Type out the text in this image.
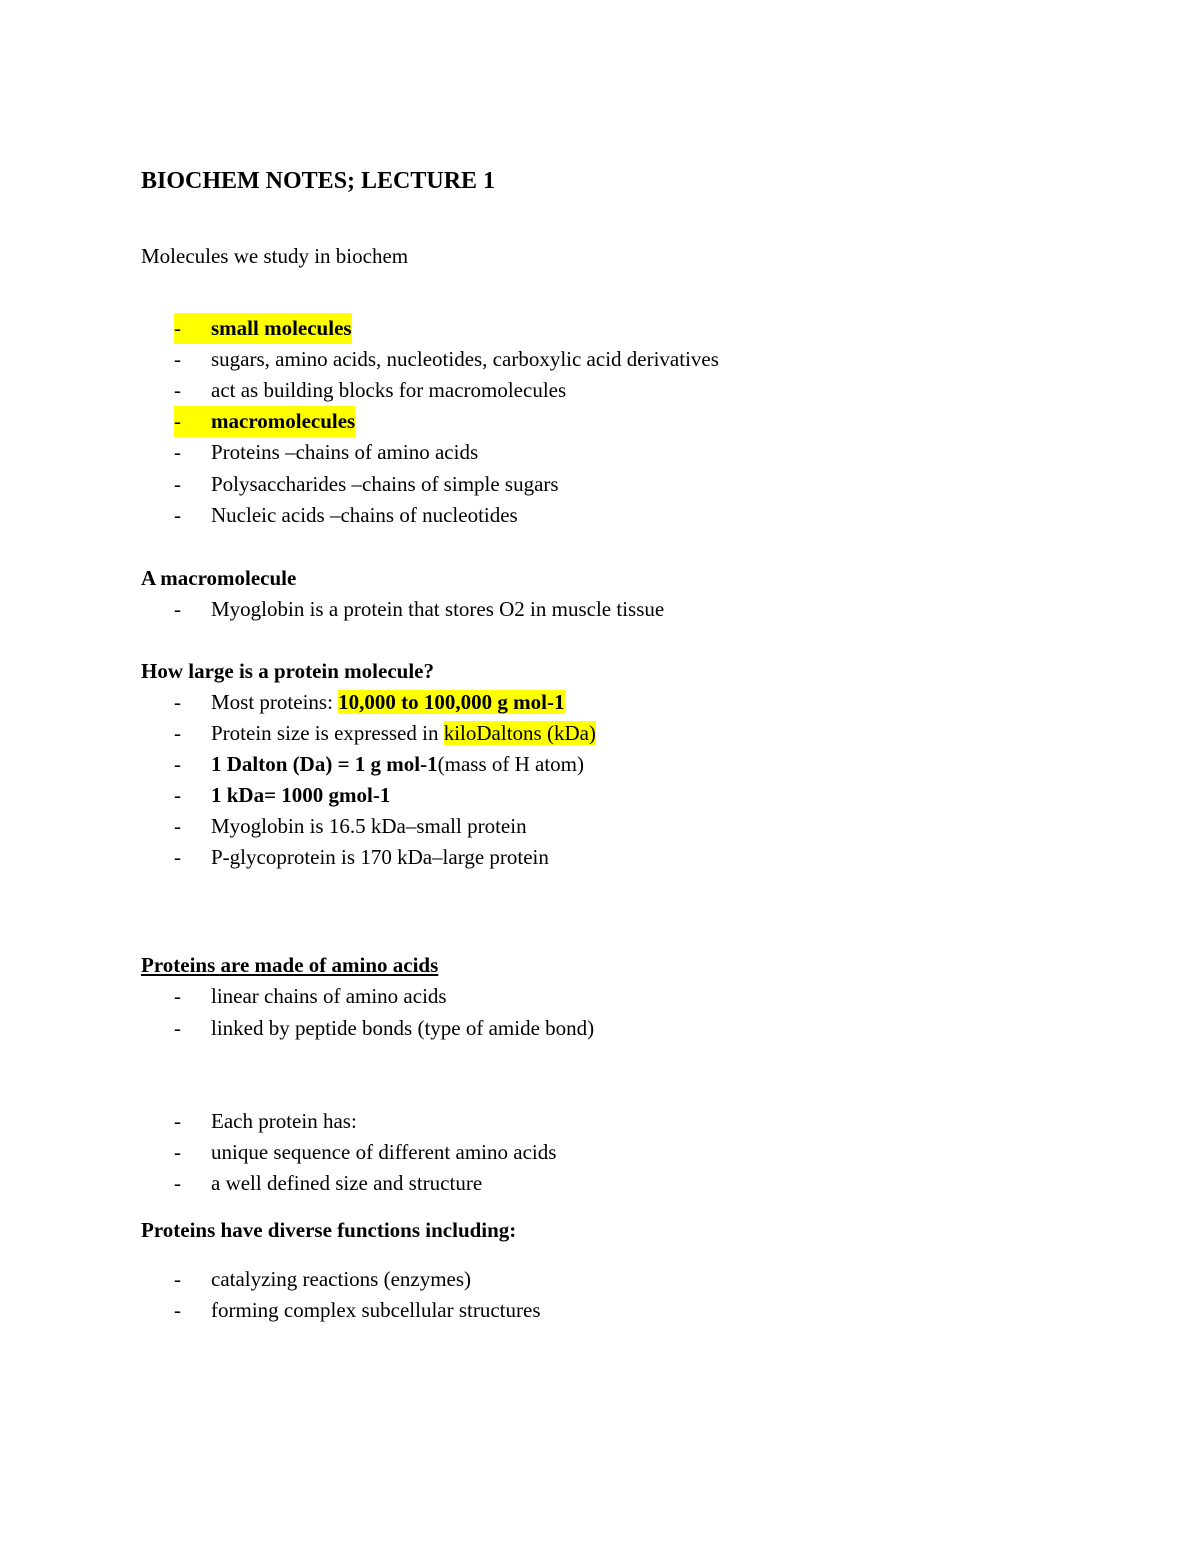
BIOCHEM NOTES; LECTURE 1
Molecules we study in biochem
- small molecules
- sugars, amino acids, nucleotides, carboxylic acid derivatives
- act as building blocks for macromolecules
- macromolecules
- Proteins –chains of amino acids
- Polysaccharides –chains of simple sugars
- Nucleic acids –chains of nucleotides
A macromolecule
- Myoglobin is a protein that stores O2 in muscle tissue
How large is a protein molecule?
- Most proteins: 10,000 to 100,000 g mol-1
- Protein size is expressed in kiloDaltons (kDa)
- 1 Dalton (Da) = 1 g mol-1(mass of H atom)
- 1 kDa= 1000 gmol-1
- Myoglobin is 16.5 kDa–small protein
- P-glycoprotein is 170 kDa–large protein
Proteins are made of amino acids
- linear chains of amino acids
- linked by peptide bonds (type of amide bond)
- Each protein has:
- unique sequence of different amino acids
- a well defined size and structure
Proteins have diverse functions including:
- catalyzing reactions (enzymes)
- forming complex subcellular structures
